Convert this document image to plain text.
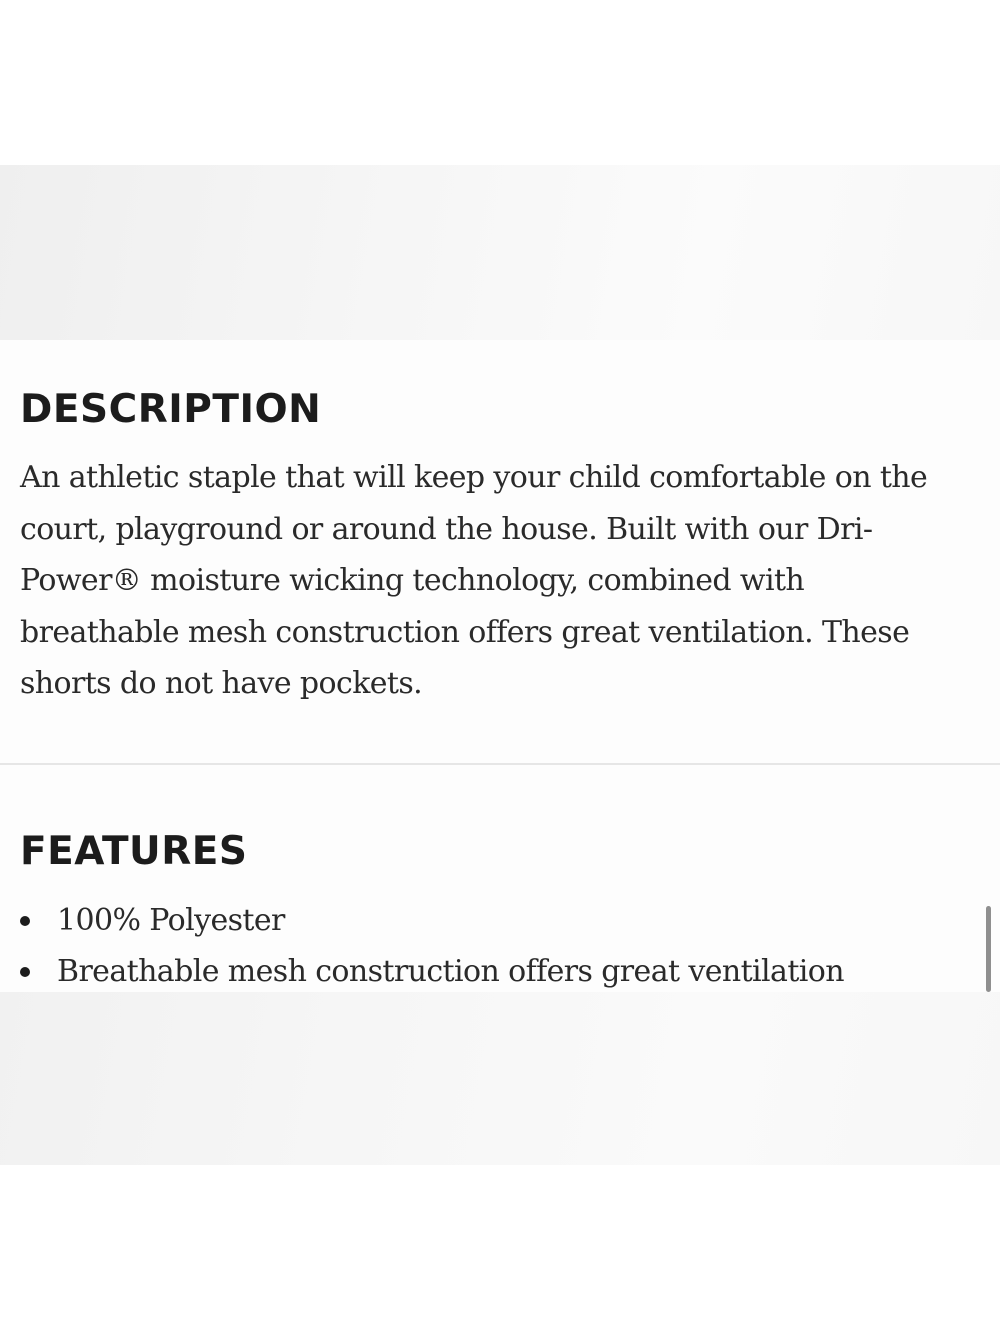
DESCRIPTION

An athletic staple that will keep your child comfortable on the court, playground or around the house. Built with our Dri-Power® moisture wicking technology, combined with breathable mesh construction offers great ventilation. These shorts do not have pockets.

FEATURES
100% Polyester
Breathable mesh construction offers great ventilation
